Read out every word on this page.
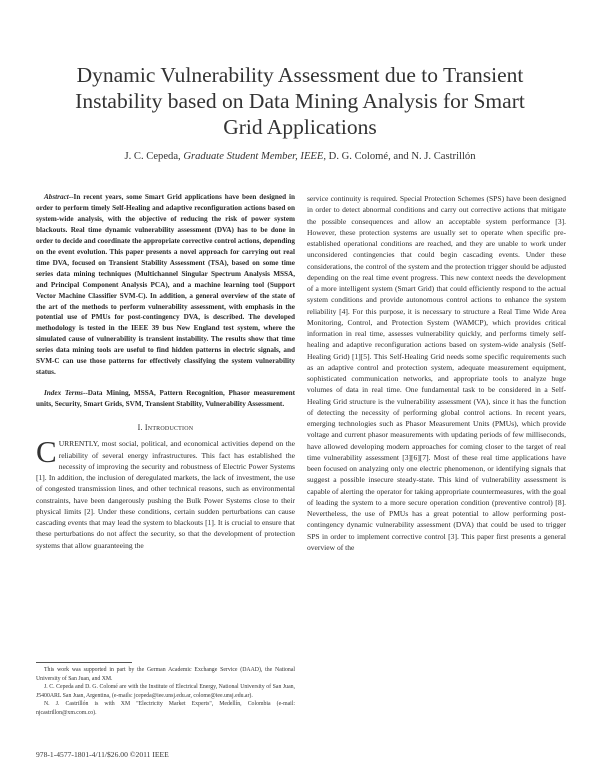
Dynamic Vulnerability Assessment due to Transient Instability based on Data Mining Analysis for Smart Grid Applications
J. C. Cepeda, Graduate Student Member, IEEE, D. G. Colomé, and N. J. Castrillón

Abstract--In recent years, some Smart Grid applications have been designed in order to perform timely Self-Healing and adaptive reconfiguration actions based on system-wide analysis, with the objective of reducing the risk of power system blackouts. Real time dynamic vulnerability assessment (DVA) has to be done in order to decide and coordinate the appropriate corrective control actions, depending on the event evolution. This paper presents a novel approach for carrying out real time DVA, focused on Transient Stability Assessment (TSA), based on some time series data mining techniques (Multichannel Singular Spectrum Analysis MSSA, and Principal Component Analysis PCA), and a machine learning tool (Support Vector Machine Classifier SVM-C). In addition, a general overview of the state of the art of the methods to perform vulnerability assessment, with emphasis in the potential use of PMUs for post-contingency DVA, is described. The developed methodology is tested in the IEEE 39 bus New England test system, where the simulated cause of vulnerability is transient instability. The results show that time series data mining tools are useful to find hidden patterns in electric signals, and SVM-C can use those patterns for effectively classifying the system vulnerability status.

Index Terms--Data Mining, MSSA, Pattern Recognition, Phasor measurement units, Security, Smart Grids, SVM, Transient Stability, Vulnerability Assessment.

I. Introduction

CURRENTLY, most social, political, and economical activities depend on the reliability of several energy infrastructures. This fact has established the necessity of improving the security and robustness of Electric Power Systems [1]. In addition, the inclusion of deregulated markets, the lack of investment, the use of congested transmission lines, and other technical reasons, such as environmental constraints, have been dangerously pushing the Bulk Power Systems close to their physical limits [2]. Under these conditions, certain sudden perturbations can cause cascading events that may lead the system to blackouts [1]. It is crucial to ensure that these perturbations do not affect the security, so that the development of protection systems that allow guaranteeing the

service continuity is required. Special Protection Schemes (SPS) have been designed in order to detect abnormal conditions and carry out corrective actions that mitigate the possible consequences and allow an acceptable system performance [3]. However, these protection systems are usually set to operate when specific pre-established operational conditions are reached, and they are unable to work under unconsidered contingencies that could begin cascading events. Under these considerations, the control of the system and the protection trigger should be adjusted depending on the real time event progress. This new context needs the development of a more intelligent system (Smart Grid) that could efficiently respond to the actual system conditions and provide autonomous control actions to enhance the system reliability [4]. For this purpose, it is necessary to structure a Real Time Wide Area Monitoring, Control, and Protection System (WAMCP), which provides critical information in real time, assesses vulnerability quickly, and performs timely self-healing and adaptive reconfiguration actions based on system-wide analysis (Self-Healing Grid) [1][5]. This Self-Healing Grid needs some specific requirements such as an adaptive control and protection system, adequate measurement equipment, sophisticated communication networks, and appropriate tools to analyze huge volumes of data in real time. One fundamental task to be considered in a Self-Healing Grid structure is the vulnerability assessment (VA), since it has the function of detecting the necessity of performing global control actions. In recent years, emerging technologies such as Phasor Measurement Units (PMUs), which provide voltage and current phasor measurements with updating periods of few milliseconds, have allowed developing modern approaches for coming closer to the target of real time vulnerability assessment [3][6][7]. Most of these real time applications have been focused on analyzing only one electric phenomenon, or identifying signals that suggest a possible insecure steady-state. This kind of vulnerability assessment is capable of alerting the operator for taking appropriate countermeasures, with the goal of leading the system to a more secure operation condition (preventive control) [8]. Nevertheless, the use of PMUs has a great potential to allow performing post-contingency dynamic vulnerability assessment (DVA) that could be used to trigger SPS in order to implement corrective control [3]. This paper first presents a general overview of the

This work was supported in part by the German Academic Exchange Service (DAAD), the National University of San Juan, and XM.

J. C. Cepeda and D. G. Colomé are with the Institute of Electrical Energy, National University of San Juan, J5400ARL San Juan, Argentina, (e-mails: jcepeda@iee.unsj.edu.ar, colome@iee.unsj.edu.ar).

N. J. Castrillón is with XM "Electricity Market Experts", Medellín, Colombia (e-mail: njcastrillon@xm.com.co).

978-1-4577-1801-4/11/$26.00 ©2011 IEEE
